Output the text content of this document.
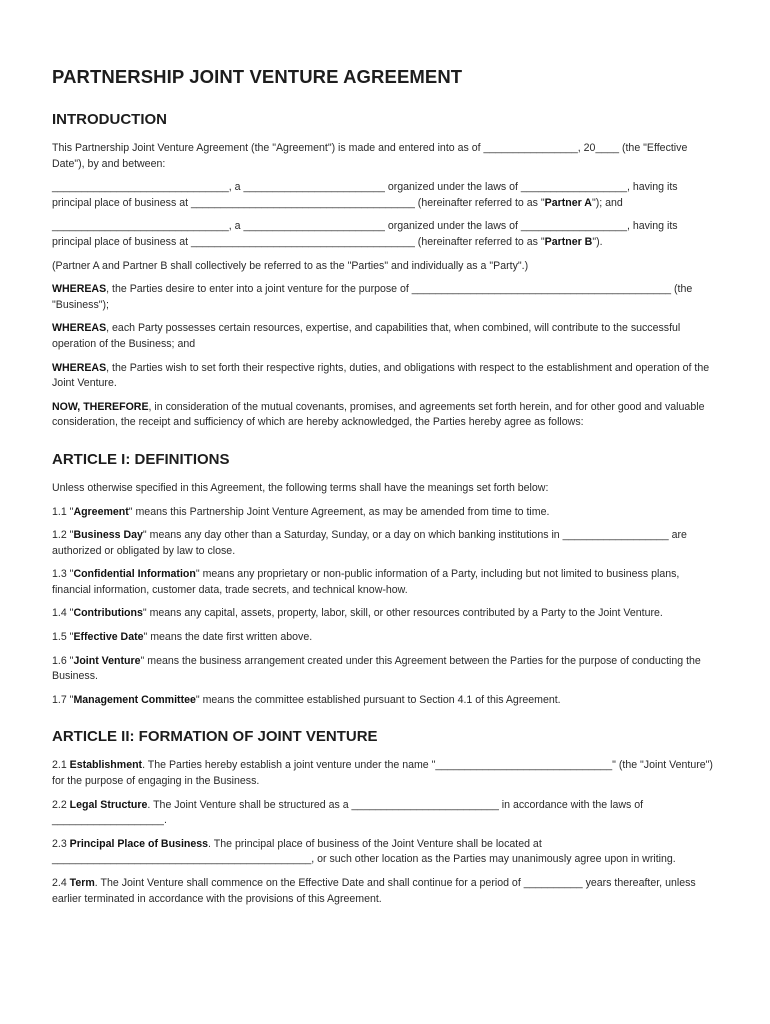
PARTNERSHIP JOINT VENTURE AGREEMENT
INTRODUCTION

This Partnership Joint Venture Agreement (the "Agreement") is made and entered into as of ________________, 20____ (the "Effective Date"), by and between:

______________________________, a ________________________ organized under the laws of __________________, having its principal place of business at ______________________________________ (hereinafter referred to as "Partner A"); and

______________________________, a ________________________ organized under the laws of __________________, having its principal place of business at ______________________________________ (hereinafter referred to as "Partner B").

(Partner A and Partner B shall collectively be referred to as the "Parties" and individually as a "Party".)

WHEREAS, the Parties desire to enter into a joint venture for the purpose of ____________________________________________ (the "Business");

WHEREAS, each Party possesses certain resources, expertise, and capabilities that, when combined, will contribute to the successful operation of the Business; and

WHEREAS, the Parties wish to set forth their respective rights, duties, and obligations with respect to the establishment and operation of the Joint Venture.

NOW, THEREFORE, in consideration of the mutual covenants, promises, and agreements set forth herein, and for other good and valuable consideration, the receipt and sufficiency of which are hereby acknowledged, the Parties hereby agree as follows:

ARTICLE I: DEFINITIONS

Unless otherwise specified in this Agreement, the following terms shall have the meanings set forth below:

1.1 "Agreement" means this Partnership Joint Venture Agreement, as may be amended from time to time.

1.2 "Business Day" means any day other than a Saturday, Sunday, or a day on which banking institutions in __________________ are authorized or obligated by law to close.

1.3 "Confidential Information" means any proprietary or non-public information of a Party, including but not limited to business plans, financial information, customer data, trade secrets, and technical know-how.

1.4 "Contributions" means any capital, assets, property, labor, skill, or other resources contributed by a Party to the Joint Venture.

1.5 "Effective Date" means the date first written above.

1.6 "Joint Venture" means the business arrangement created under this Agreement between the Parties for the purpose of conducting the Business.

1.7 "Management Committee" means the committee established pursuant to Section 4.1 of this Agreement.

ARTICLE II: FORMATION OF JOINT VENTURE

2.1 Establishment. The Parties hereby establish a joint venture under the name "______________________________" (the "Joint Venture") for the purpose of engaging in the Business.

2.2 Legal Structure. The Joint Venture shall be structured as a _________________________ in accordance with the laws of ___________________.

2.3 Principal Place of Business. The principal place of business of the Joint Venture shall be located at ____________________________________________, or such other location as the Parties may unanimously agree upon in writing.

2.4 Term. The Joint Venture shall commence on the Effective Date and shall continue for a period of __________ years thereafter, unless earlier terminated in accordance with the provisions of this Agreement.
